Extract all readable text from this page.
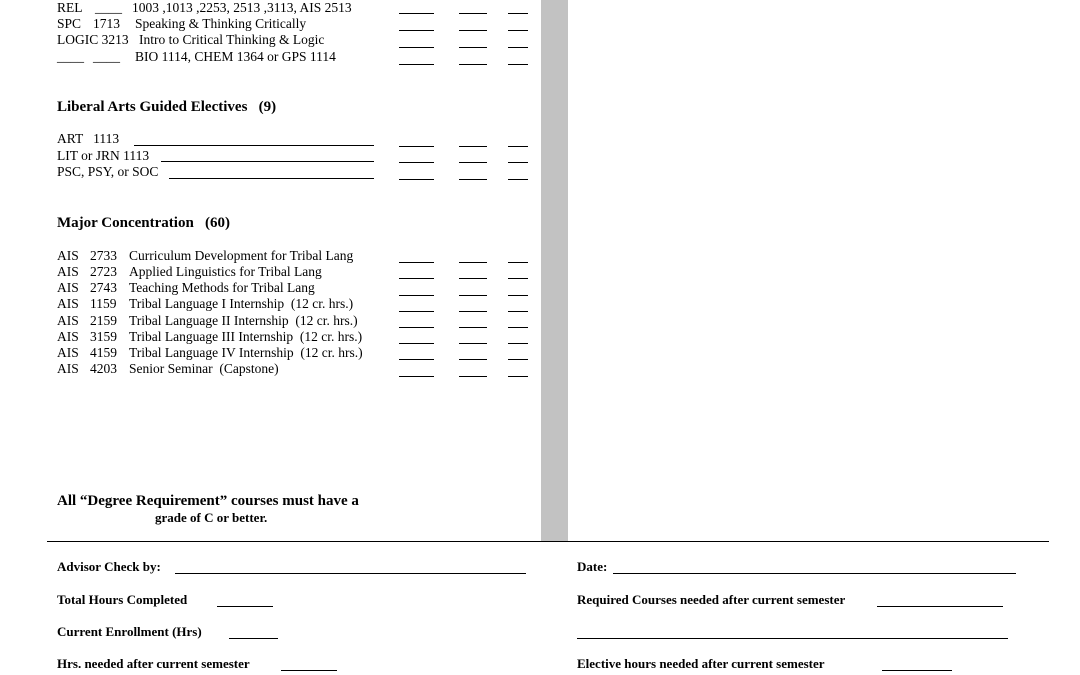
REL ____ 1003 ,1013 ,2253, 2513 ,3113, AIS 2513
SPC 1713 Speaking & Thinking Critically
LOGIC 3213 Intro to Critical Thinking & Logic
____ ____ BIO 1114, CHEM 1364 or GPS 1114
Liberal Arts Guided Electives   (9)
ART   1113
LIT or JRN 1113
PSC, PSY, or SOC
Major Concentration   (60)
AIS 2733 Curriculum Development for Tribal Lang
AIS 2723 Applied Linguistics for Tribal Lang
AIS 2743 Teaching Methods for Tribal Lang
AIS 1159 Tribal Language I Internship  (12 cr. hrs.)
AIS 2159 Tribal Language II Internship  (12 cr. hrs.)
AIS 3159 Tribal Language III Internship  (12 cr. hrs.)
AIS 4159 Tribal Language IV Internship  (12 cr. hrs.)
AIS 4203 Senior Seminar  (Capstone)
All “Degree Requirement” courses must have a
grade of C or better.
Advisor Check by:	Date:
Total Hours Completed	Required Courses needed after current semester
Current Enrollment (Hrs)
Hrs. needed after current semester	Elective hours needed after current semester
